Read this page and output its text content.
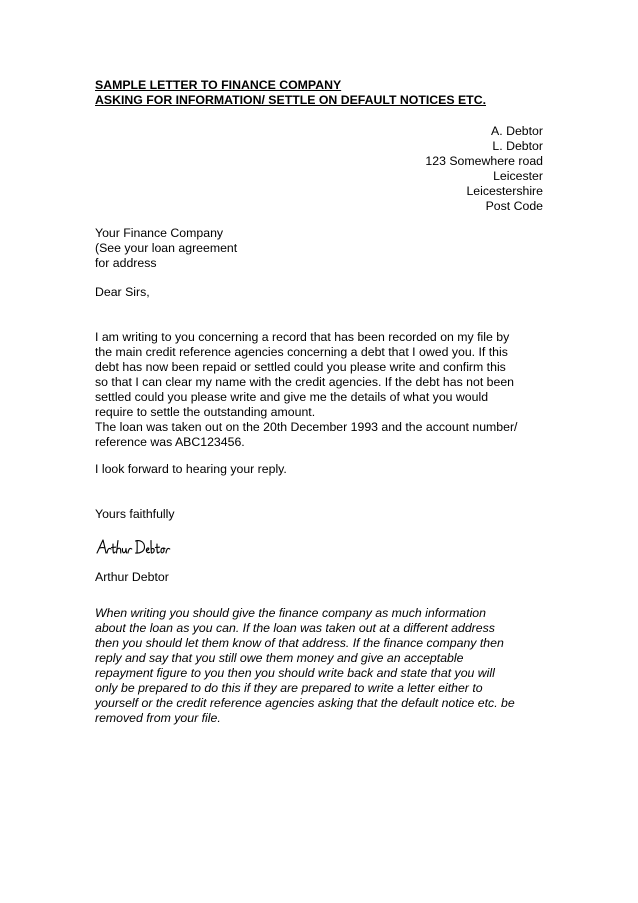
SAMPLE LETTER TO FINANCE COMPANY
ASKING FOR INFORMATION/ SETTLE ON DEFAULT NOTICES ETC.
A. Debtor
L. Debtor
123 Somewhere road
Leicester
Leicestershire
Post Code
Your Finance Company
(See your loan agreement
for address
Dear Sirs,
I am writing to you concerning a record that has been recorded on my file by
the main credit reference agencies concerning a debt that I owed you. If this
debt has now been repaid or settled could you please write and confirm this
so that I can clear my name with the credit agencies. If the debt has not been
settled could you please write and give me the details of what you would
require to settle the outstanding amount.
The loan was taken out on the 20th December 1993 and the account number/
reference was ABC123456.
I look forward to hearing your reply.
Yours faithfully
Arthur Debtor
When writing you should give the finance company as much information
about the loan as you can. If the loan was taken out at a different address
then you should let them know of that address. If the finance company then
reply and say that you still owe them money and give an acceptable
repayment figure to you then you should write back and state that you will
only be prepared to do this if they are prepared to write a letter either to
yourself or the credit reference agencies asking that the default notice etc. be
removed from your file.
